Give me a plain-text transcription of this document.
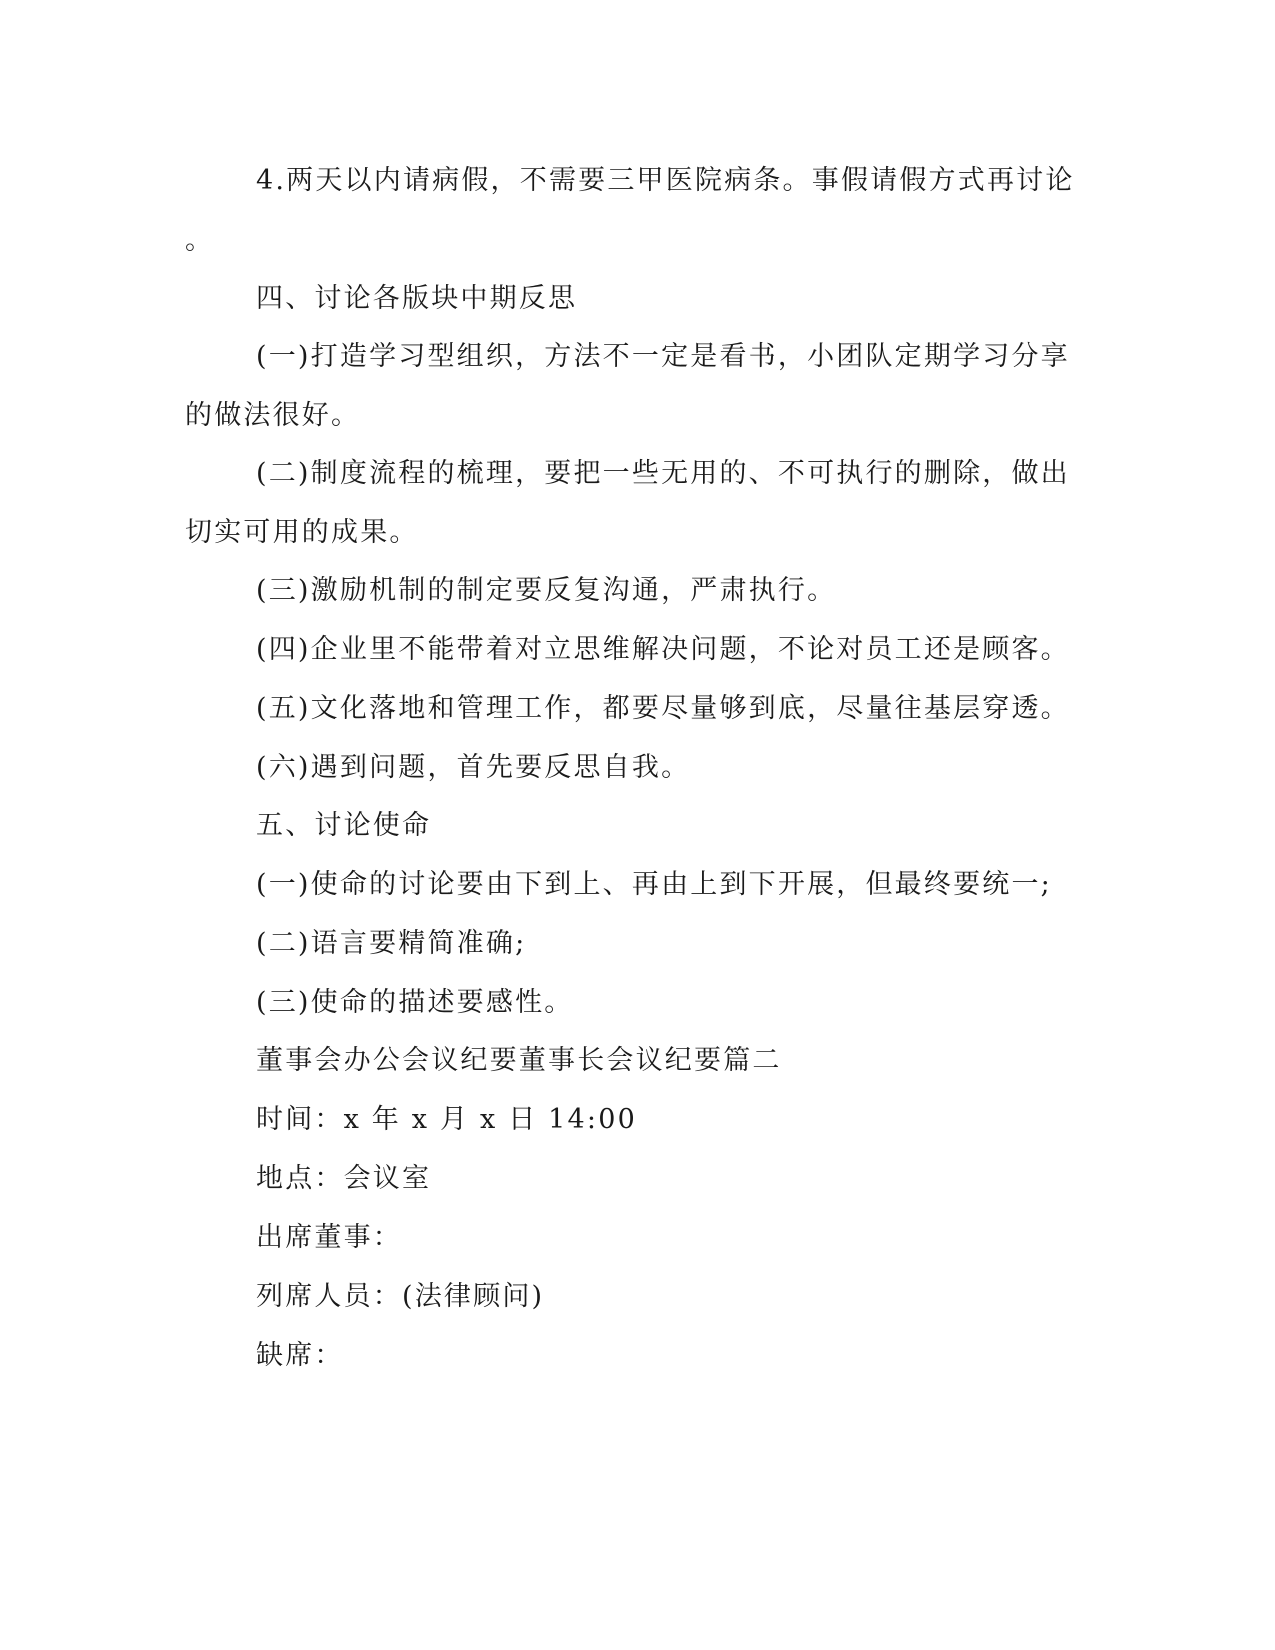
4.两天以内请病假，不需要三甲医院病条。事假请假方式再讨论
。
四、讨论各版块中期反思
(一)打造学习型组织，方法不一定是看书，小团队定期学习分享
的做法很好。
(二)制度流程的梳理，要把一些无用的、不可执行的删除，做出
切实可用的成果。
(三)激励机制的制定要反复沟通，严肃执行。
(四)企业里不能带着对立思维解决问题，不论对员工还是顾客。
(五)文化落地和管理工作，都要尽量够到底，尽量往基层穿透。
(六)遇到问题，首先要反思自我。
五、讨论使命
(一)使命的讨论要由下到上、再由上到下开展，但最终要统一;
(二)语言要精简准确;
(三)使命的描述要感性。
董事会办公会议纪要董事长会议纪要篇二
时间：x 年 x 月 x 日 14:00
地点：会议室
出席董事：
列席人员：(法律顾问)
缺席：
